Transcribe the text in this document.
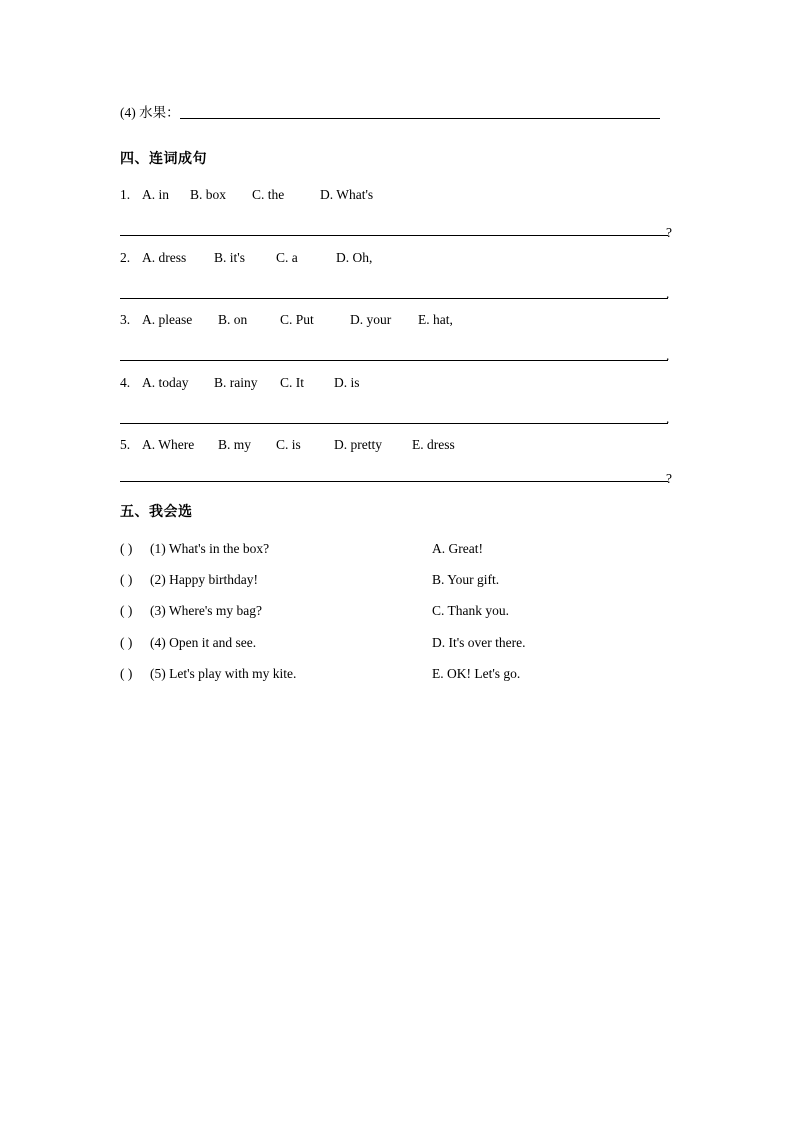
(4) 水果：
四、连词成句
1. A. in B. box C. the	D. What's
?
2. A. dress B. it's C. a	D. Oh,
.
3. A. please B. on C. Put	D. your E. hat,
.
4. A. today B. rainy C. It D. is
.
5. A. Where B. my C. is D. pretty E. dress
?
五、我会选
( ) (1) What's in the box?	A. Great!
( ) (2) Happy birthday!	B. Your gift.
( ) (3) Where's my bag?	C. Thank you.
( ) (4) Open it and see.	D. It's over there.
( ) (5) Let's play with my kite.	E. OK! Let's go.
